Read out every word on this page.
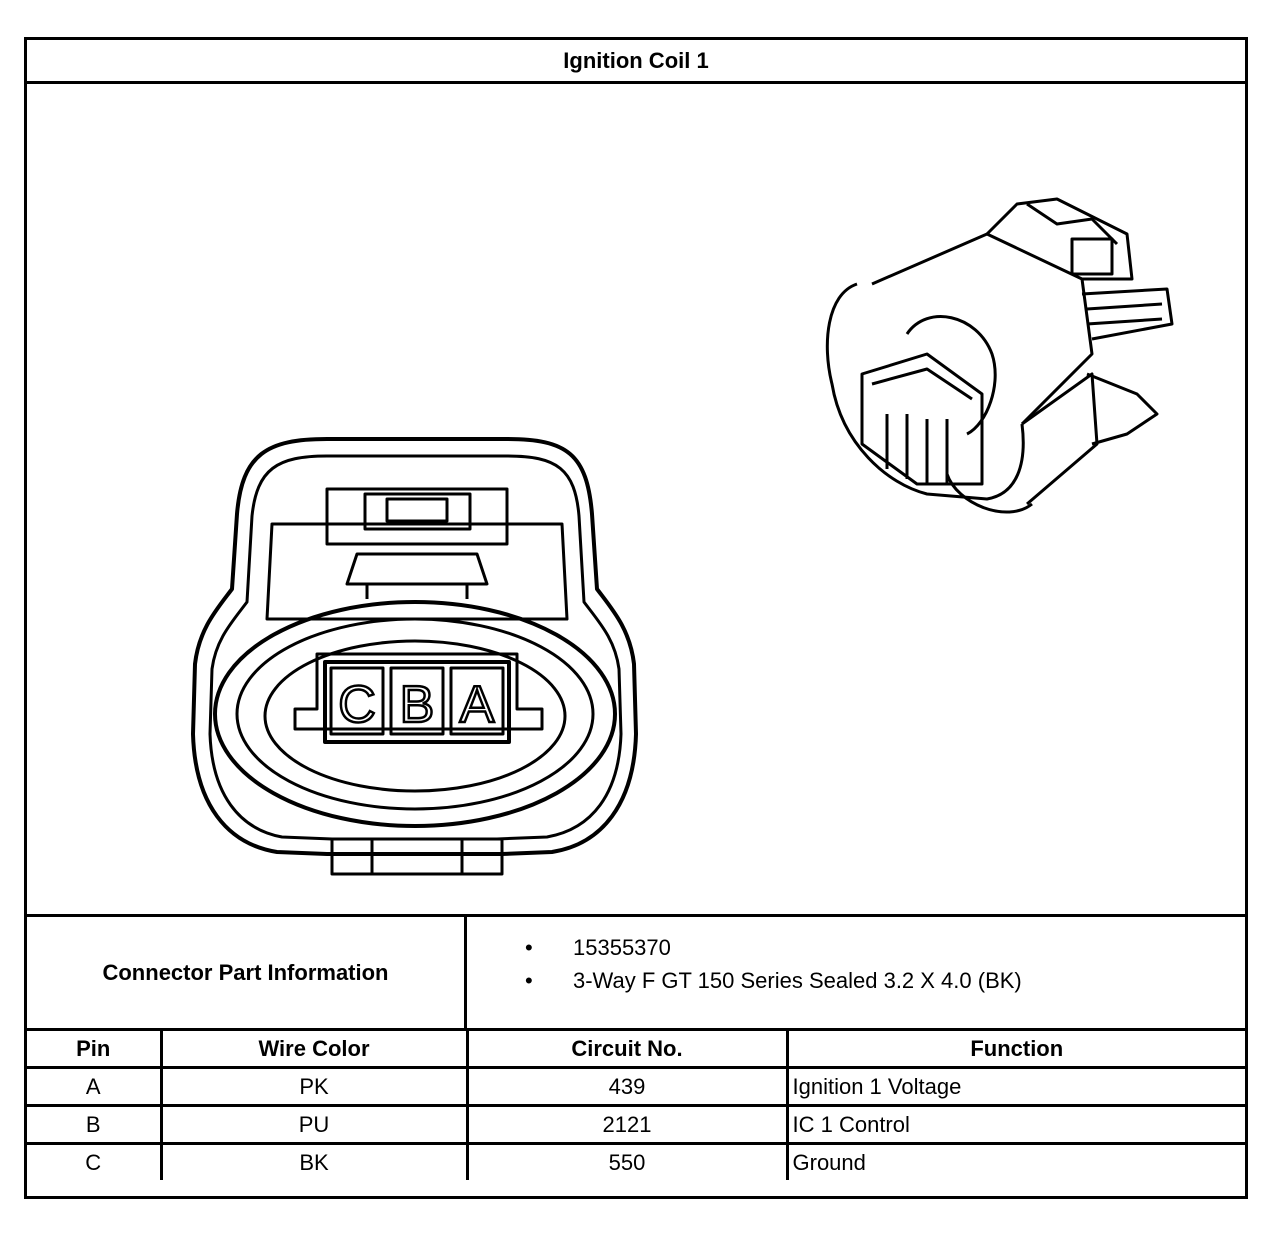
Ignition Coil 1
C B A
Connector Part Information
• 15355370
• 3-Way F GT 150 Series Sealed 3.2 X 4.0 (BK)
Pin	Wire Color	Circuit No.	Function
A	PK	439	Ignition 1 Voltage
B	PU	2121	IC 1 Control
C	BK	550	Ground
